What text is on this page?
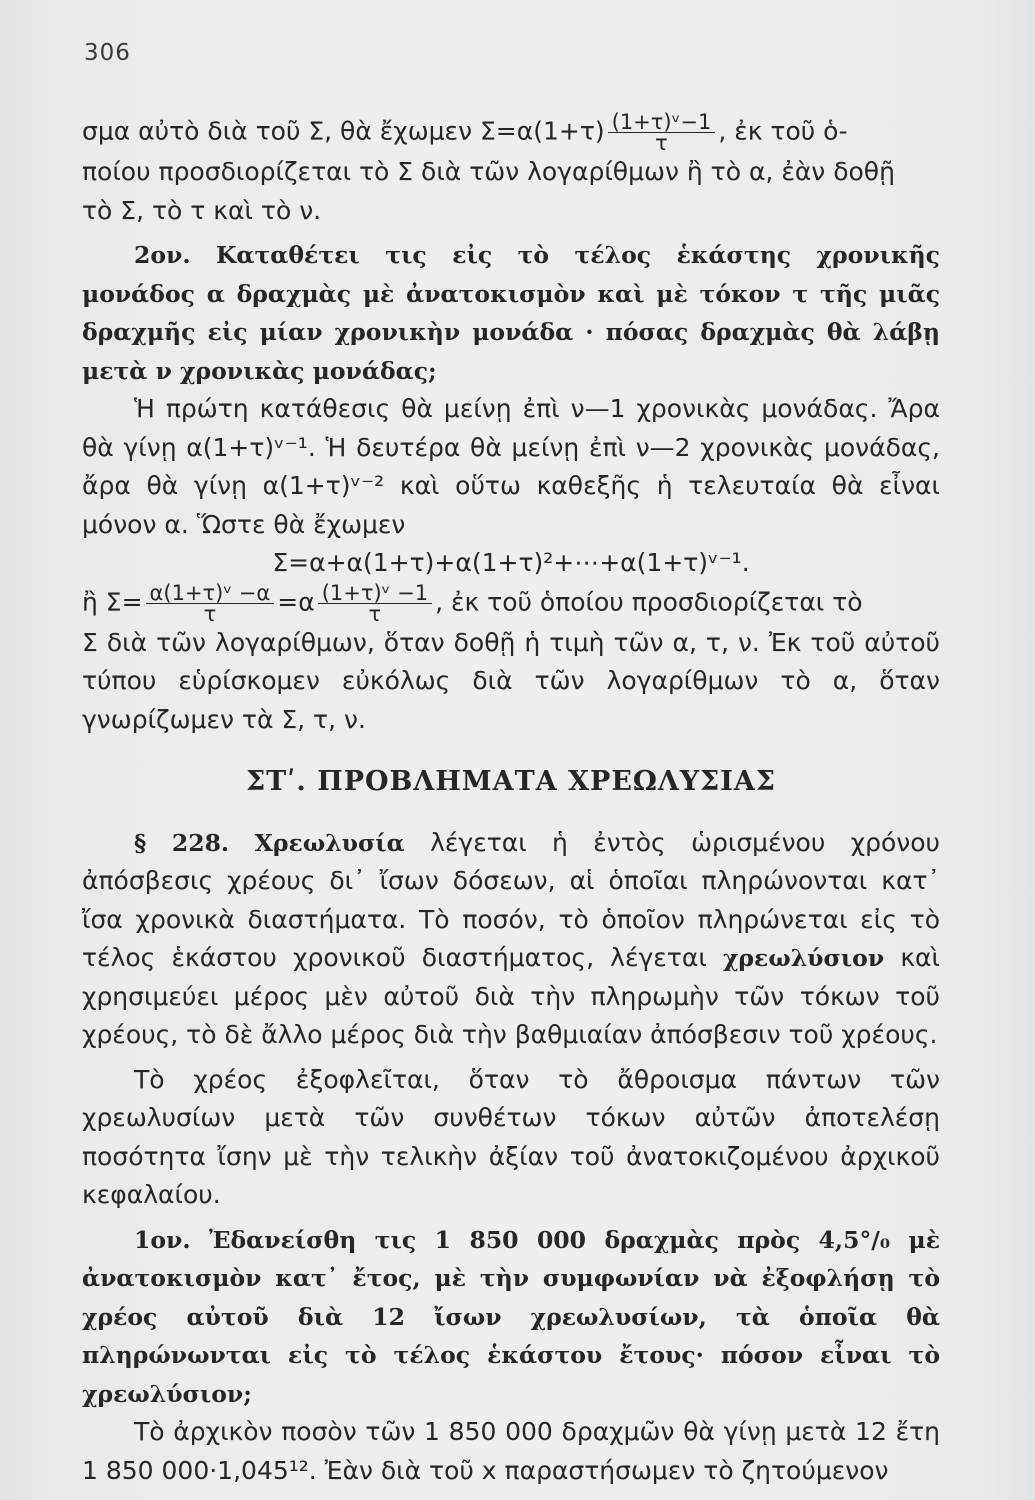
306

σμα αὐτὸ διὰ τοῦ Σ, θὰ ἔχωμεν $\Sigma=\alpha(1+\tau) \frac{\text{(1+τ)ᵛ−1}}{\tau}$ , ἐκ τοῦ ὁ-

ποίου προσδιορίζεται τὸ Σ διὰ τῶν λογαρίθμων ἢ τὸ α, ἐὰν δοθῇ

τὸ Σ, τὸ τ καὶ τὸ ν.

2ον. Καταθέτει τις εἰς τὸ τέλος ἑκάστης χρονικῆς μονάδος α δραχμὰς μὲ ἀνατοκισμὸν καὶ μὲ τόκον τ τῆς μιᾶς δραχμῆς εἰς μίαν χρονικὴν μονάδα · πόσας δραχμὰς θὰ λάβῃ μετὰ ν χρονικὰς μονάδας;

Ἡ πρώτη κατάθεσις θὰ μείνῃ ἐπὶ ν—1 χρονικὰς μονάδας. Ἄρα θὰ γίνῃ α(1+τ)ᵛ⁻¹. Ἡ δευτέρα θὰ μείνῃ ἐπὶ ν—2 χρονικὰς μονάδας, ἄρα θὰ γίνῃ α(1+τ)ᵛ⁻² καὶ οὕτω καθεξῆς ἡ τελευταία θὰ εἶναι μόνον α. Ὥστε θὰ ἔχωμεν

Σ=α+α(1+τ)+α(1+τ)²+⋯+α(1+τ)ᵛ⁻¹.

ἢ $\Sigma= \frac{\text{α(1+τ)ᵛ −α}}{\tau} =\alpha \frac{\text{(1+τ)ᵛ −1}}{\tau}$ , ἐκ τοῦ ὁποίου προσδιορίζεται τὸ

Σ διὰ τῶν λογαρίθμων, ὅταν δοθῇ ἡ τιμὴ τῶν α, τ, ν. Ἐκ τοῦ αὐτοῦ τύπου εὑρίσκομεν εὐκόλως διὰ τῶν λογαρίθμων τὸ α, ὅταν γνωρίζωμεν τὰ Σ, τ, ν.

ΣΤʹ. ΠΡΟΒΛΗΜΑΤΑ ΧΡΕΩΛΥΣΙΑΣ

§ 228. Χρεωλυσία λέγεται ἡ ἐντὸς ὡρισμένου χρόνου ἀπόσβεσις χρέους δι᾽ ἴσων δόσεων, αἱ ὁποῖαι πληρώνονται κατ᾽ ἴσα χρονικὰ διαστήματα. Τὸ ποσόν, τὸ ὁποῖον πληρώνεται εἰς τὸ τέλος ἑκάστου χρονικοῦ διαστήματος, λέγεται χρεωλύσιον καὶ χρησιμεύει μέρος μὲν αὐτοῦ διὰ τὴν πληρωμὴν τῶν τόκων τοῦ χρέους, τὸ δὲ ἄλλο μέρος διὰ τὴν βαθμιαίαν ἀπόσβεσιν τοῦ χρέους.

Τὸ χρέος ἐξοφλεῖται, ὅταν τὸ ἄθροισμα πάντων τῶν χρεωλυσίων μετὰ τῶν συνθέτων τόκων αὐτῶν ἀποτελέσῃ ποσότητα ἴσην μὲ τὴν τελικὴν ἀξίαν τοῦ ἀνατοκιζομένου ἀρχικοῦ κεφαλαίου.

1ον. Ἐδανείσθη τις 1 850 000 δραχμὰς πρὸς 4,5°/₀ μὲ ἀνατοκισμὸν κατ᾽ ἔτος, μὲ τὴν συμφωνίαν νὰ ἐξοφλήσῃ τὸ χρέος αὐτοῦ διὰ 12 ἴσων χρεωλυσίων, τὰ ὁποῖα θὰ πληρώνωνται εἰς τὸ τέλος ἑκάστου ἔτους· πόσον εἶναι τὸ χρεωλύσιον;

Τὸ ἀρχικὸν ποσὸν τῶν 1 850 000 δραχμῶν θὰ γίνῃ μετὰ 12 ἔτη 1 850 000·1,045¹². Ἐὰν διὰ τοῦ x παραστήσωμεν τὸ ζητούμενον
